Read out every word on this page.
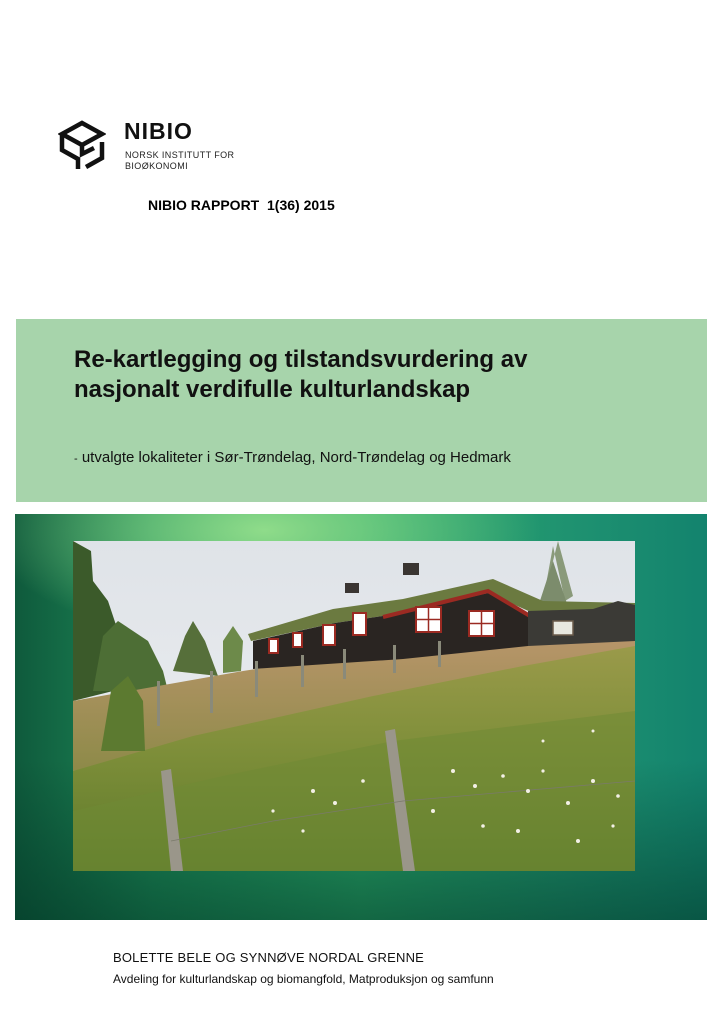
NIBIO
NORSK INSTITUTT FOR
BIOØKONOMI
NIBIO RAPPORT  1(36) 2015
Re-kartlegging og tilstandsvurdering av
nasjonalt verdifulle kulturlandskap
- utvalgte lokaliteter i Sør-Trøndelag, Nord-Trøndelag og Hedmark
BOLETTE BELE OG SYNNØVE NORDAL GRENNE
Avdeling for kulturlandskap og biomangfold, Matproduksjon og samfunn
